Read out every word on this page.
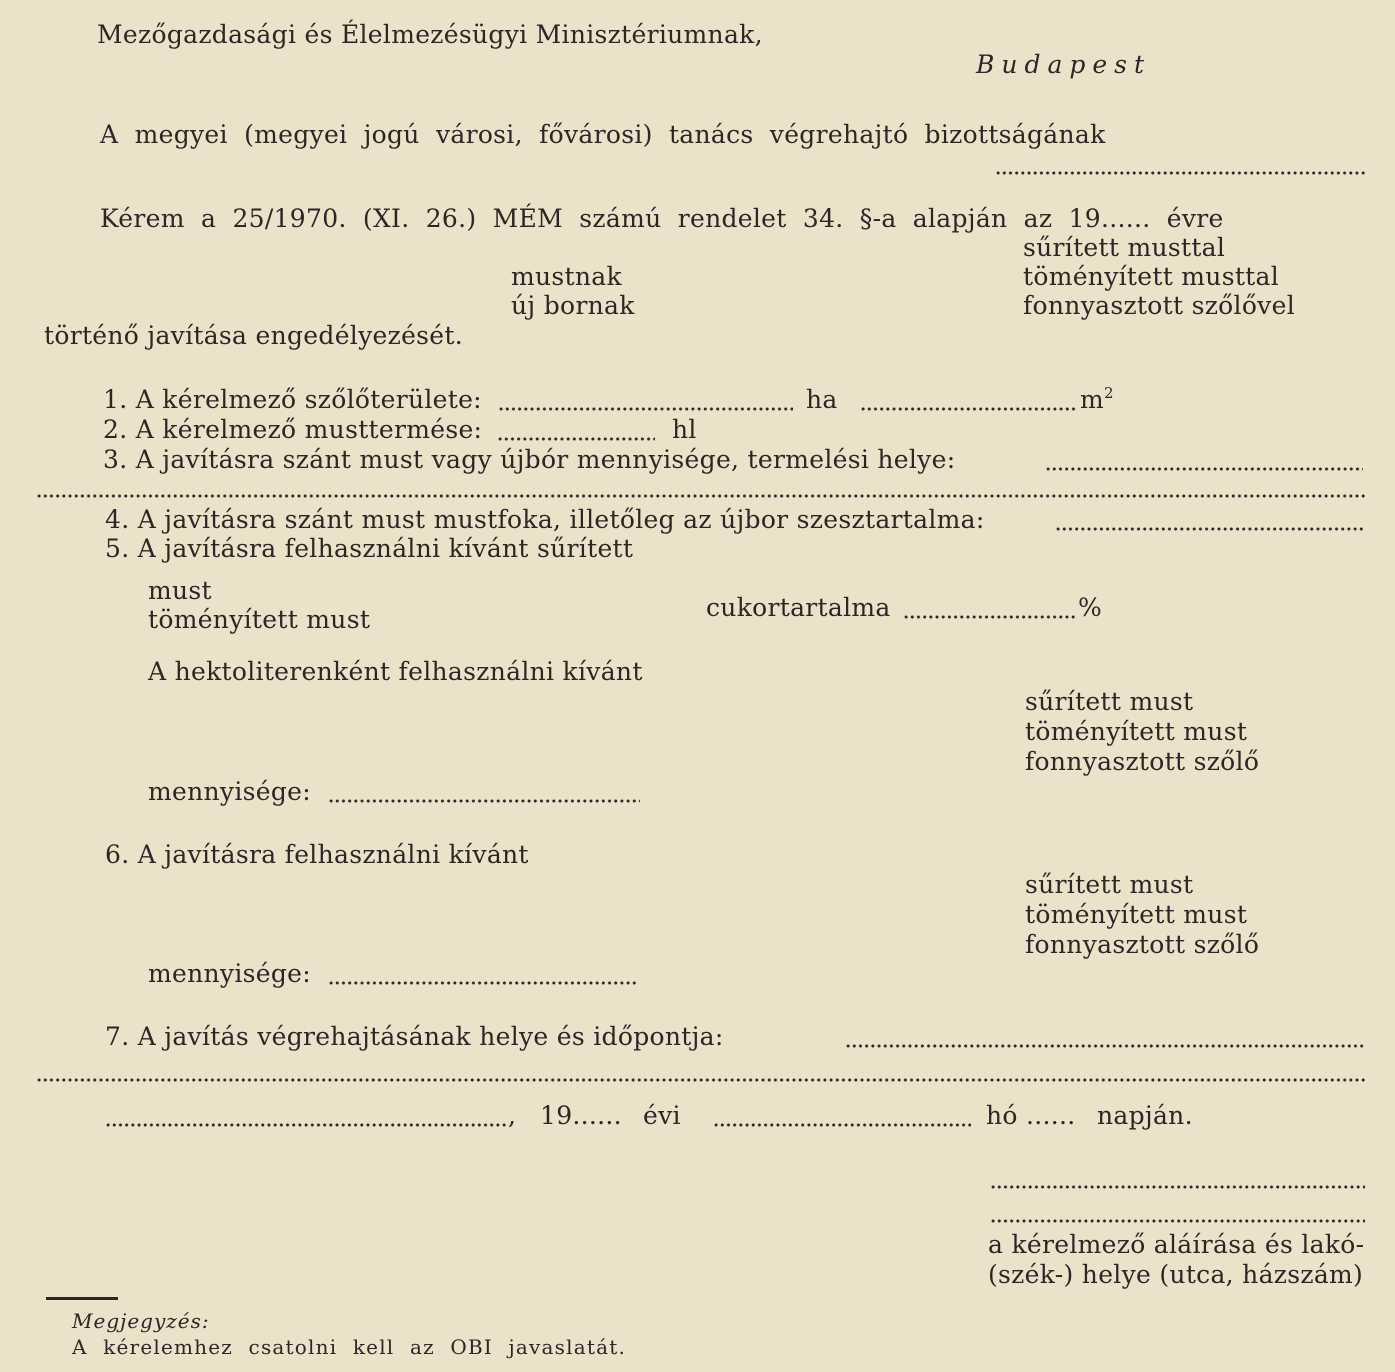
Mezőgazdasági és Élelmezésügyi Minisztériumnak,
Budapest
A megyei (megyei jogú városi, fővárosi) tanács végrehajtó bizottságának
Kérem a 25/1970. (XI. 26.) MÉM számú rendelet 34. §-a alapján az 19...... évre
sűrített musttal
mustnak	töményített musttal
új bornak	fonnyasztott szőlővel
történő javítása engedélyezését.
1. A kérelmező szőlőterülete:	ha	$m^2$
2. A kérelmező musttermése:	hl
3. A javításra szánt must vagy újbór mennyisége, termelési helye:
4. A javításra szánt must mustfoka, illetőleg az újbor szesztartalma:
5. A javításra felhasználni kívánt sűrített
must
töményített must	cukortartalma	%
A hektoliterenként felhasználni kívánt
sűrített must
töményített must
fonnyasztott szőlő
mennyisége:
6. A javításra felhasználni kívánt
sűrített must
töményített must
fonnyasztott szőlő
mennyisége:
7. A javítás végrehajtásának helye és időpontja:
, 19...... évi	hó ...... napján.
a kérelmező aláírása és lakó-
(szék-) helye (utca, házszám)
Megjegyzés:
A kérelemhez csatolni kell az OBI javaslatát.
